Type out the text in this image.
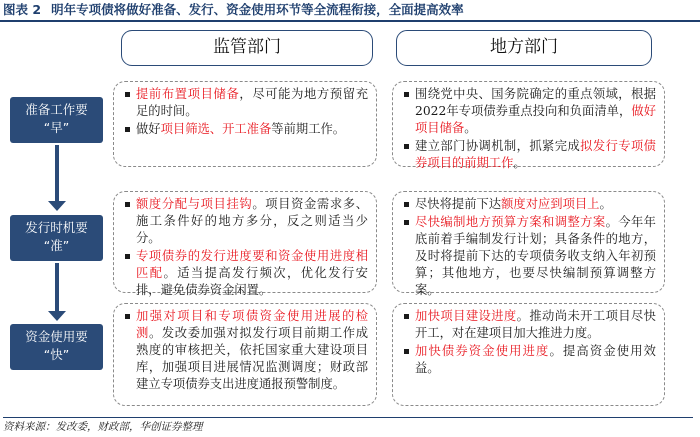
图表 2 明年专项债将做好准备、发行、资金使用环节等全流程衔接，全面提高效率
监管部门	地方部门
准备工作要
“早”
发行时机要
“准”
资金使用要
“快”
提前布置项目储备，尽可能为地方预留充足的时间。
做好项目筛选、开工准备等前期工作。
围绕党中央、国务院确定的重点领域，根据2022年专项债券重点投向和负面清单，做好项目储备。
建立部门协调机制，抓紧完成拟发行专项债券项目的前期工作。
额度分配与项目挂钩。项目资金需求多、施工条件好的地方多分，反之则适当少分。
专项债券的发行进度要和资金使用进度相匹配。适当提高发行频次，优化发行安排，避免债券资金闲置。
尽快将提前下达额度对应到项目上。
尽快编制地方预算方案和调整方案。今年年底前着手编制发行计划；具备条件的地方，及时将提前下达的专项债务收支纳入年初预算；其他地方，也要尽快编制预算调整方案。
加强对项目和专项债资金使用进展的检测。发改委加强对拟发行项目前期工作成熟度的审核把关，依托国家重大建设项目库，加强项目进展情况监测调度；财政部建立专项债券支出进度通报预警制度。
加快项目建设进度。推动尚未开工项目尽快开工，对在建项目加大推进力度。
加快债券资金使用进度。提高资金使用效益。
资料来源：发改委，财政部，华创证券整理
